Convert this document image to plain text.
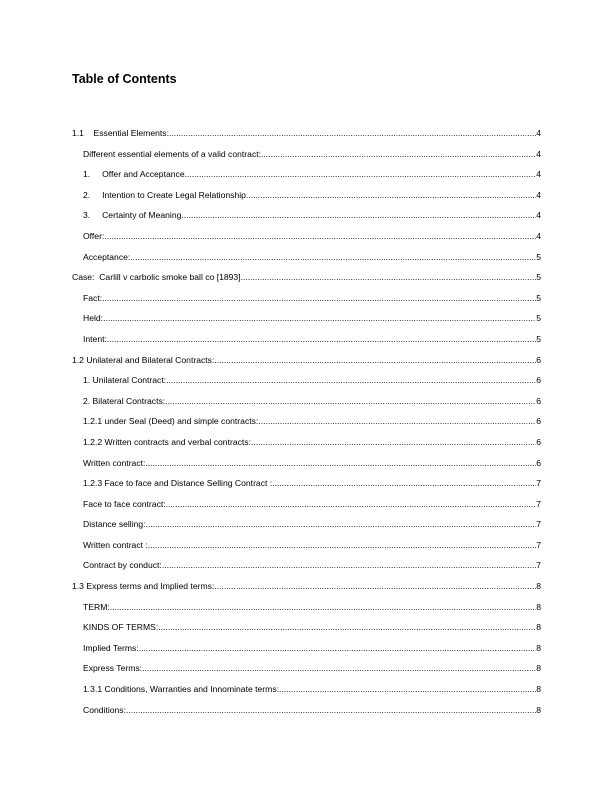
Table of Contents
1.1    Essential Elements: .....	4
Different essential elements of a valid contract: .....	4
1.     Offer and Acceptance. .....	4
2.     Intention to Create Legal Relationship. .....	4
3.     Certainty of Meaning. .....	4
Offer: .....	4
Acceptance: .....	5
Case:  Carlill v carbolic smoke ball co [1893] .....	5
Fact: .....	5
Held: .....	5
Intent: .....	5
1.2 Unilateral and Bilateral Contracts: .....	6
1. Unilateral Contract: .....	6
2. Bilateral Contracts: .....	6
1.2.1 under Seal (Deed) and simple contracts: .....	6
1.2.2 Written contracts and verbal contracts: .....	6
Written contract: .....	6
1.2.3 Face to face and Distance Selling Contract : .....	7
Face to face contract: .....	7
Distance selling: .....	7
Written contract : .....	7
Contract by conduct: .....	7
1.3 Express terms and Implied terms: .....	8
TERM: .....	8
KINDS OF TERMS: .....	8
Implied Terms: .....	8
Express Terms: .....	8
1.3.1 Conditions, Warranties and Innominate terms: .....	8
Conditions: .....	8
